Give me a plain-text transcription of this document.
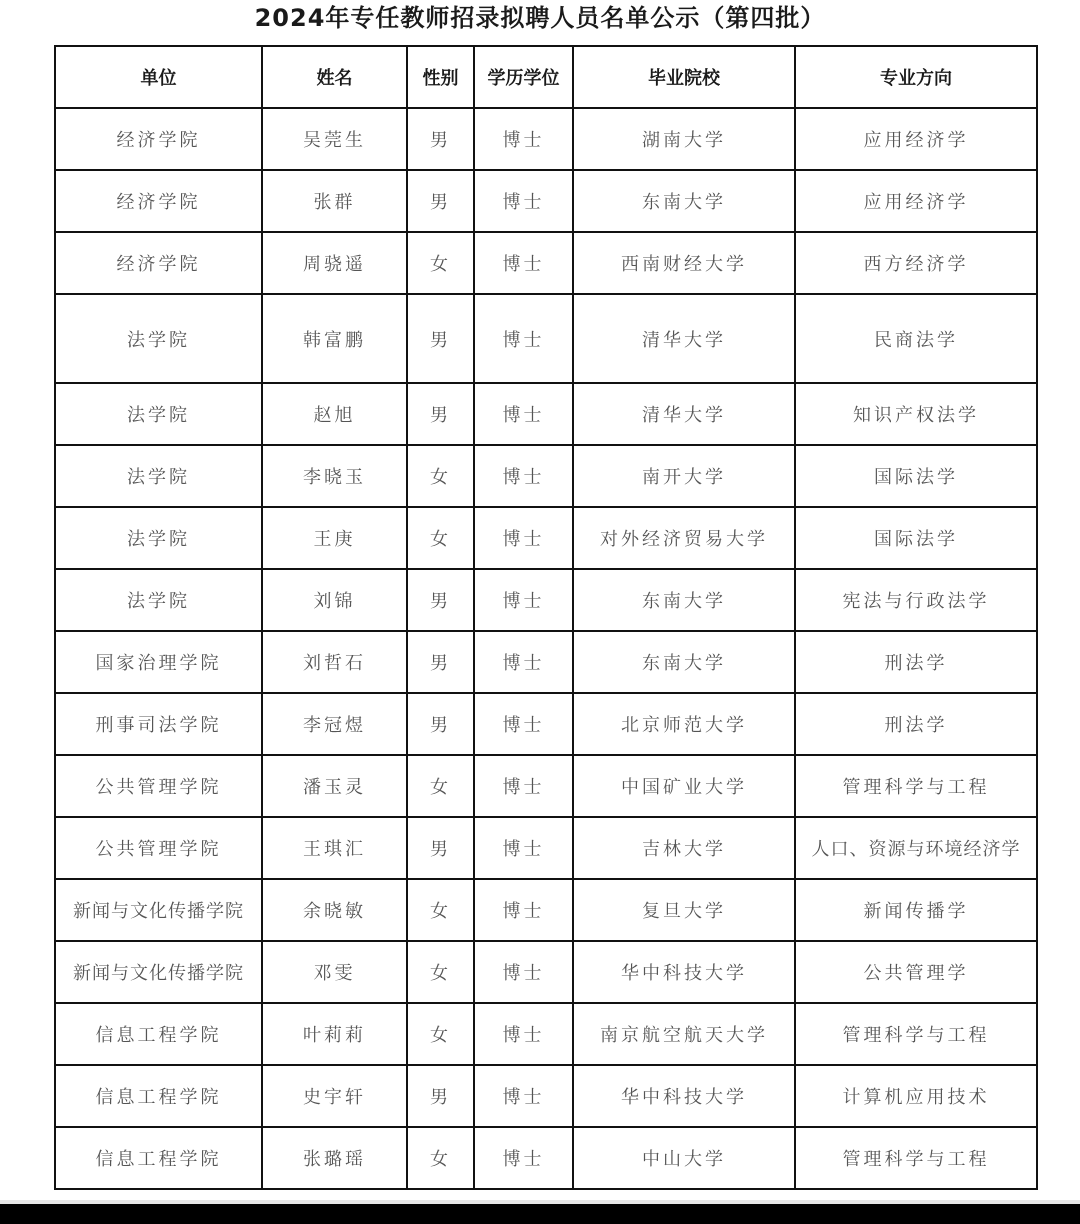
2024年专任教师招录拟聘人员名单公示（第四批）
单位	姓名	性别	学历学位	毕业院校	专业方向
经济学院	吴莞生	男	博士	湖南大学	应用经济学
经济学院	张群	男	博士	东南大学	应用经济学
经济学院	周骁遥	女	博士	西南财经大学	西方经济学
法学院	韩富鹏	男	博士	清华大学	民商法学
法学院	赵旭	男	博士	清华大学	知识产权法学
法学院	李晓玉	女	博士	南开大学	国际法学
法学院	王庚	女	博士	对外经济贸易大学	国际法学
法学院	刘锦	男	博士	东南大学	宪法与行政法学
国家治理学院	刘哲石	男	博士	东南大学	刑法学
刑事司法学院	李冠煜	男	博士	北京师范大学	刑法学
公共管理学院	潘玉灵	女	博士	中国矿业大学	管理科学与工程
公共管理学院	王琪汇	男	博士	吉林大学	人口、资源与环境经济学
新闻与文化传播学院	余晓敏	女	博士	复旦大学	新闻传播学
新闻与文化传播学院	邓雯	女	博士	华中科技大学	公共管理学
信息工程学院	叶莉莉	女	博士	南京航空航天大学	管理科学与工程
信息工程学院	史宇轩	男	博士	华中科技大学	计算机应用技术
信息工程学院	张璐瑶	女	博士	中山大学	管理科学与工程
